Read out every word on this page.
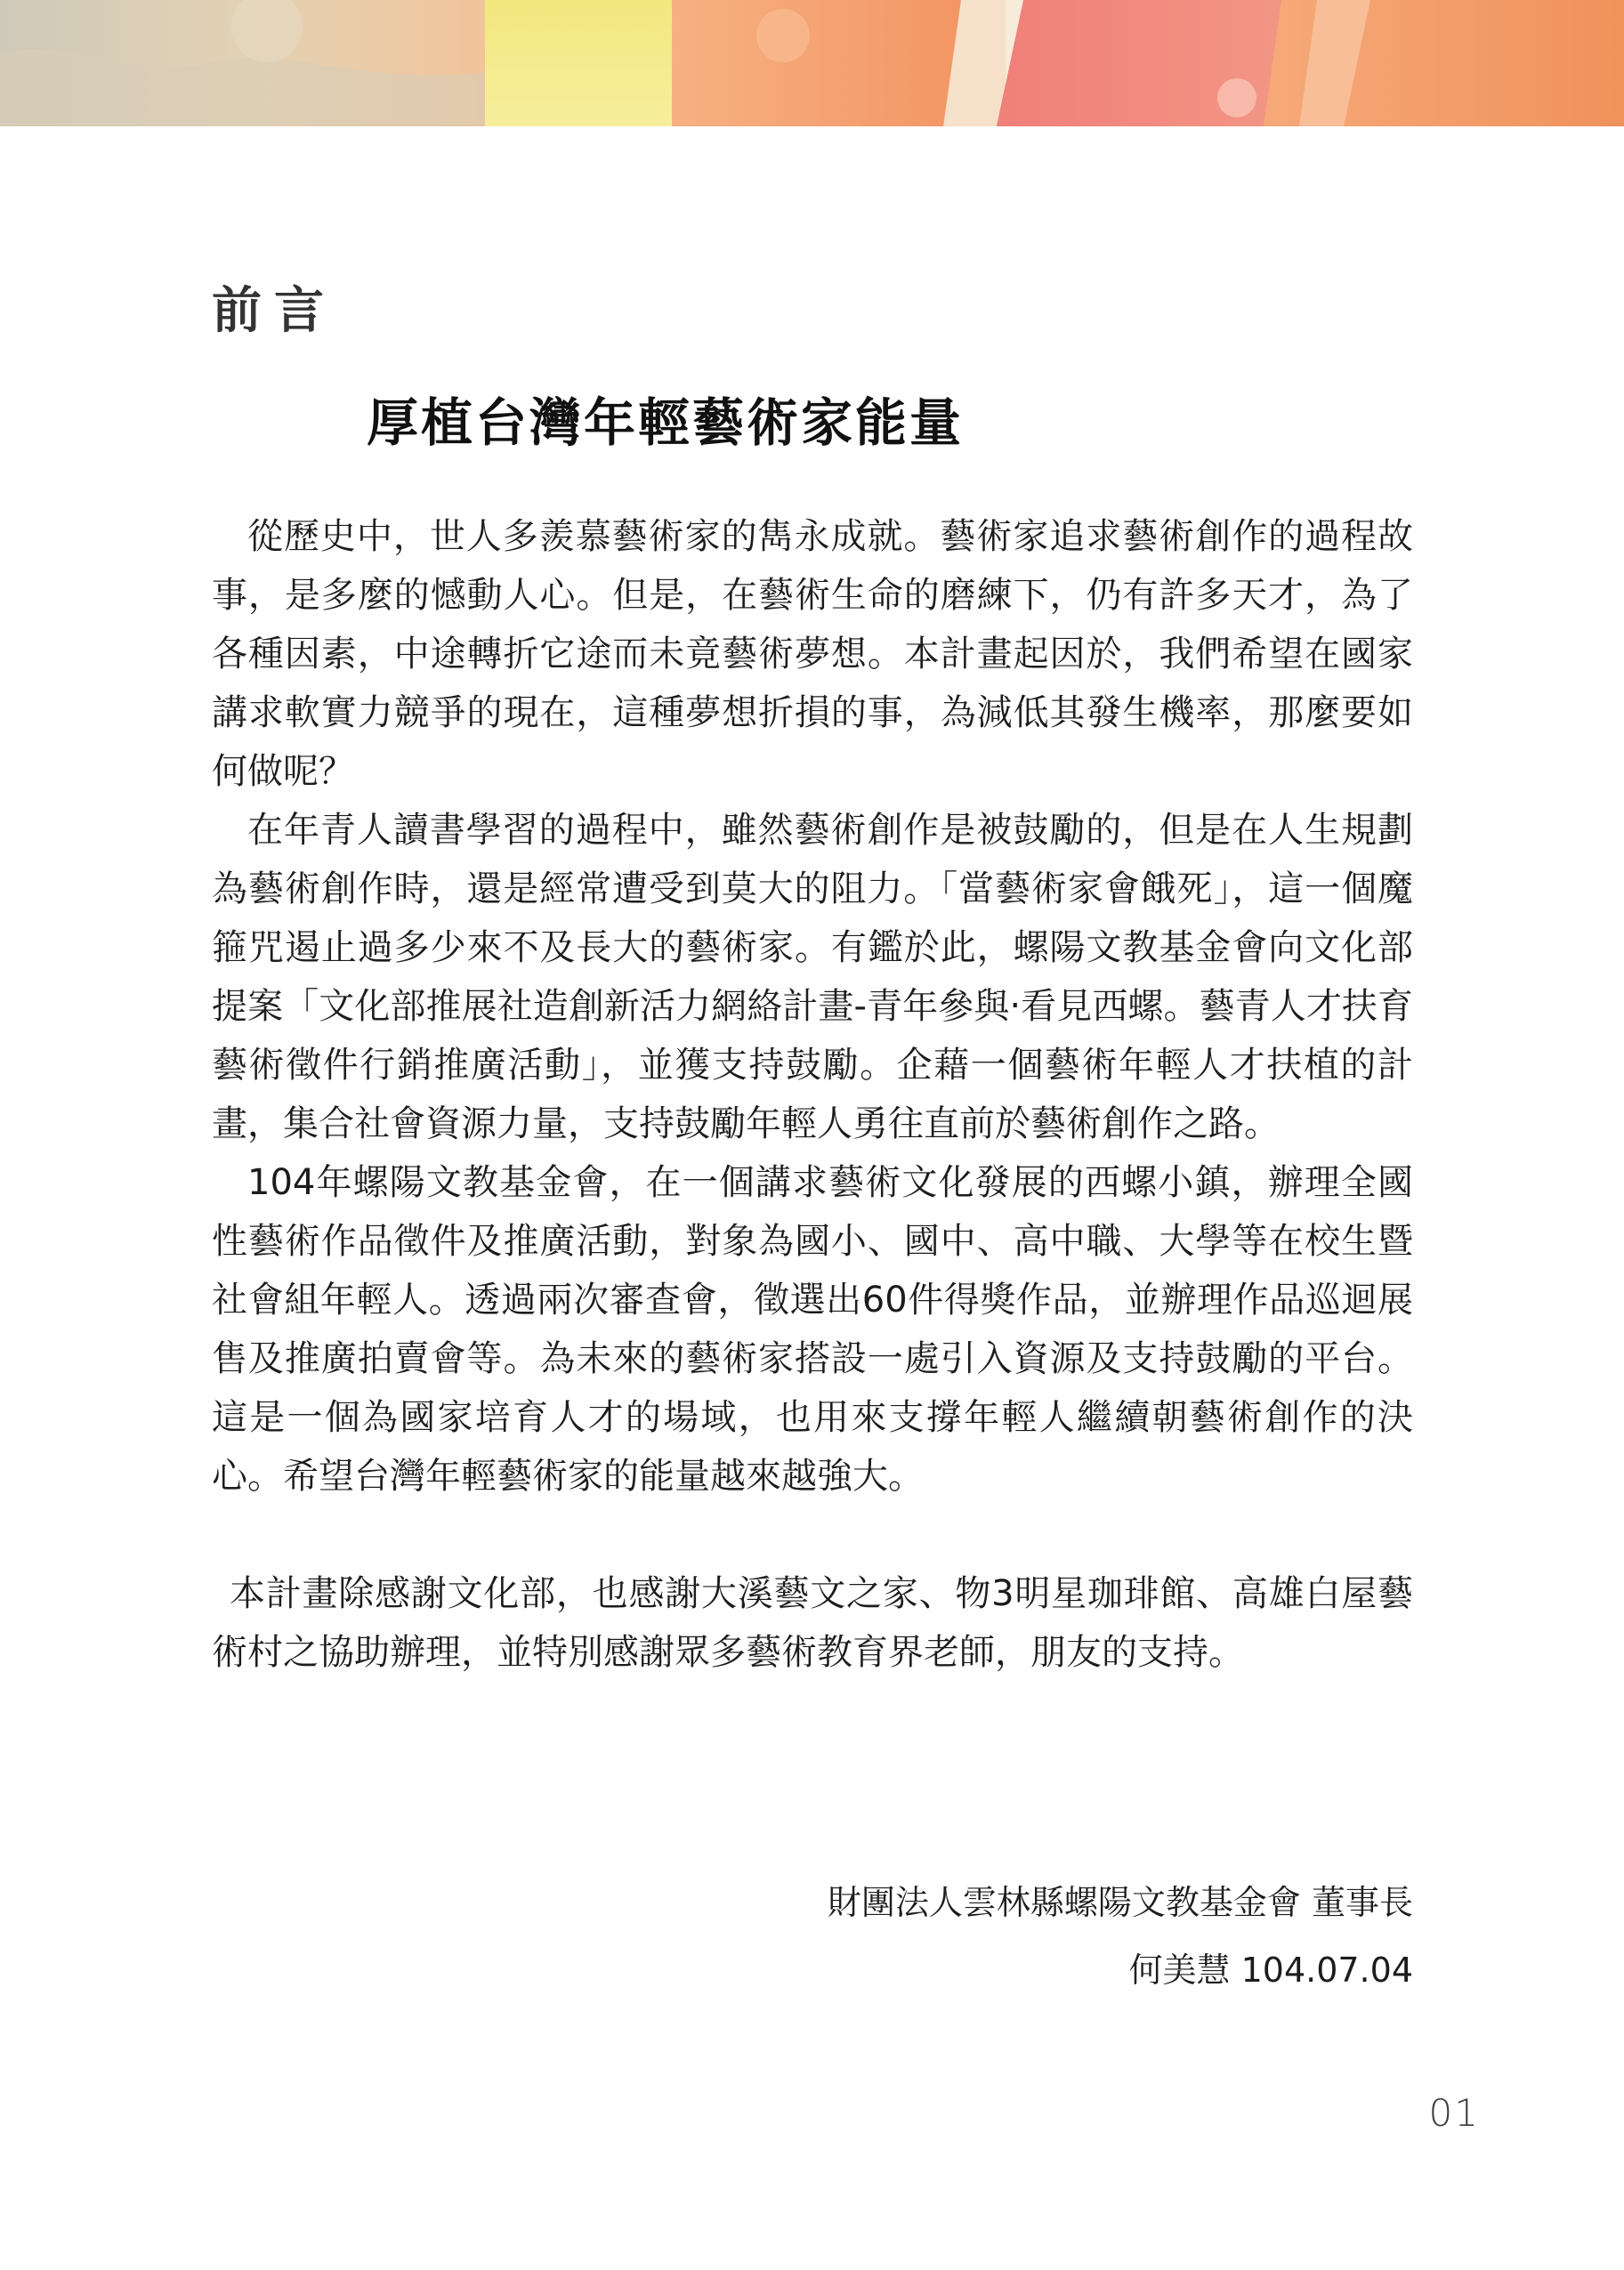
前言
厚植台灣年輕藝術家能量

從歷史中，世人多羨慕藝術家的雋永成就。藝術家追求藝術創作的過程故事，是多麼的憾動人心。但是，在藝術生命的磨練下，仍有許多天才，為了各種因素，中途轉折它途而未竟藝術夢想。本計畫起因於，我們希望在國家講求軟實力競爭的現在，這種夢想折損的事，為減低其發生機率，那麼要如何做呢？

在年青人讀書學習的過程中，雖然藝術創作是被鼓勵的，但是在人生規劃為藝術創作時，還是經常遭受到莫大的阻力。「當藝術家會餓死」，這一個魔箍咒遏止過多少來不及長大的藝術家。有鑑於此，螺陽文教基金會向文化部提案「文化部推展社造創新活力網絡計畫-青年參與‧看見西螺。藝青人才扶育 藝術徵件行銷推廣活動」，並獲支持鼓勵。企藉一個藝術年輕人才扶植的計畫，集合社會資源力量，支持鼓勵年輕人勇往直前於藝術創作之路。

104年螺陽文教基金會，在一個講求藝術文化發展的西螺小鎮，辦理全國性藝術作品徵件及推廣活動，對象為國小、國中、高中職、大學等在校生暨社會組年輕人。透過兩次審查會，徵選出60件得獎作品，並辦理作品巡迴展售及推廣拍賣會等。為未來的藝術家搭設一處引入資源及支持鼓勵的平台。這是一個為國家培育人才的場域，也用來支撐年輕人繼續朝藝術創作的決心。希望台灣年輕藝術家的能量越來越強大。

本計畫除感謝文化部，也感謝大溪藝文之家、物3明星珈琲館、高雄白屋藝術村之協助辦理，並特別感謝眾多藝術教育界老師，朋友的支持。

財團法人雲林縣螺陽文教基金會 董事長
何美慧 104.07.04
01
